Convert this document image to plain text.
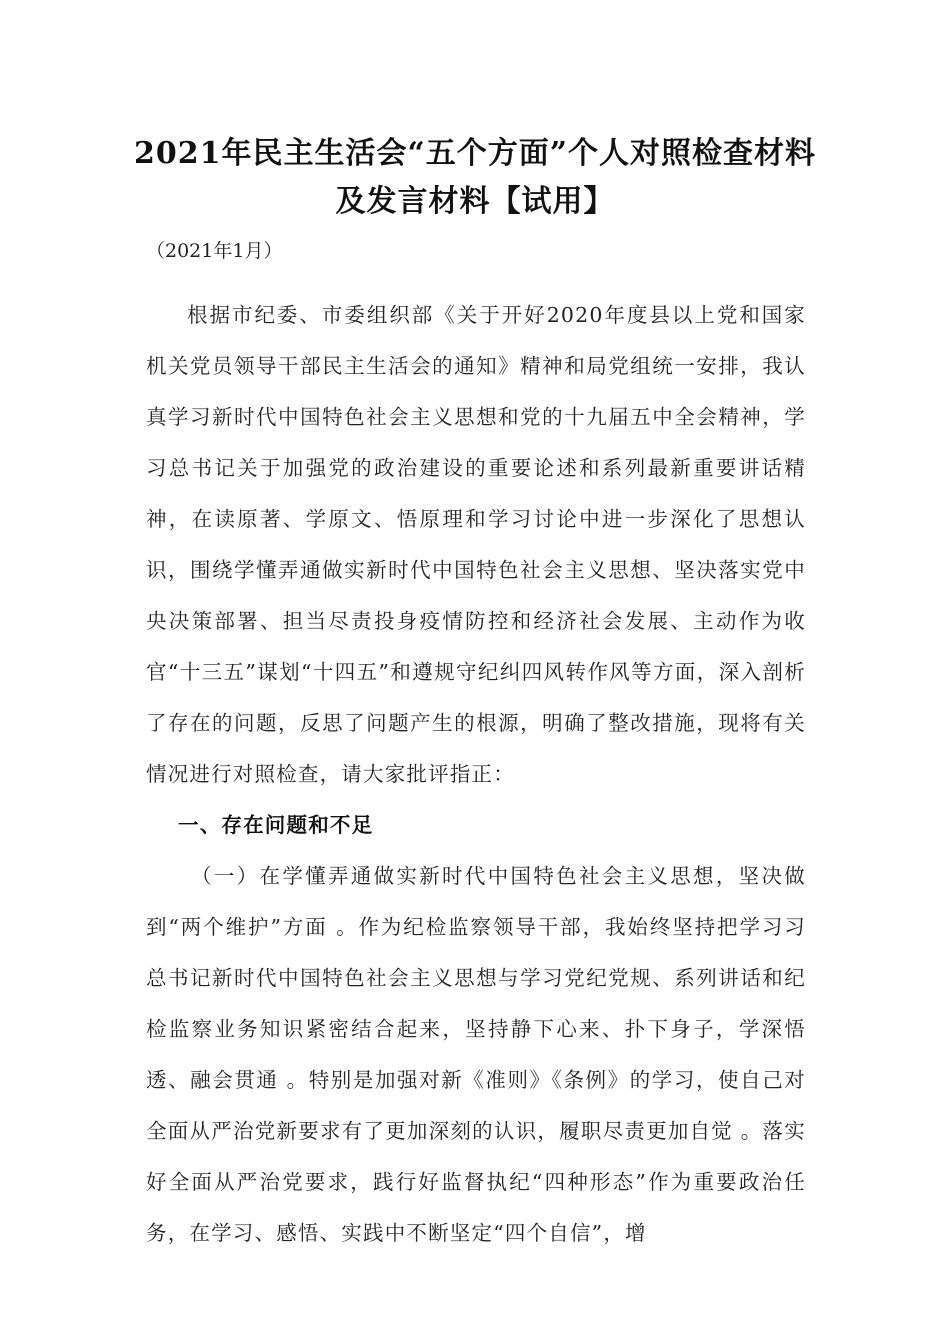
2021年民主生活会“五个方面”个人对照检查材料
及发言材料【试用】
（2021年1月）

根据市纪委、市委组织部《关于开好2020年度县以上党和国家机关党员领导干部民主生活会的通知》精神和局党组统一安排，我认真学习新时代中国特色社会主义思想和党的十九届五中全会精神，学习总书记关于加强党的政治建设的重要论述和系列最新重要讲话精神，在读原著、学原文、悟原理和学习讨论中进一步深化了思想认识，围绕学懂弄通做实新时代中国特色社会主义思想、坚决落实党中央决策部署、担当尽责投身疫情防控和经济社会发展、主动作为收官“十三五”谋划“十四五”和遵规守纪纠四风转作风等方面，深入剖析了存在的问题，反思了问题产生的根源，明确了整改措施，现将有关情况进行对照检查，请大家批评指正：

一、存在问题和不足

（一）在学懂弄通做实新时代中国特色社会主义思想，坚决做到“两个维护”方面 。作为纪检监察领导干部，我始终坚持把学习习总书记新时代中国特色社会主义思想与学习党纪党规、系列讲话和纪检监察业务知识紧密结合起来，坚持静下心来、扑下身子，学深悟透、融会贯通 。特别是加强对新《准则》《条例》的学习，使自己对全面从严治党新要求有了更加深刻的认识，履职尽责更加自觉 。落实好全面从严治党要求，践行好监督执纪“四种形态”作为重要政治任务，在学习、感悟、实践中不断坚定“四个自信”，增
